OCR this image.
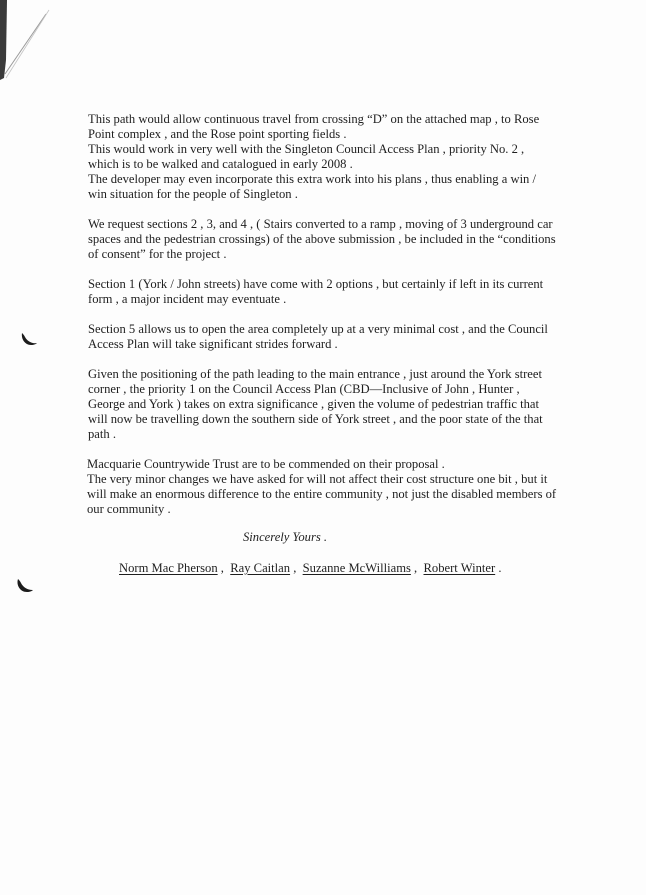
This path would allow continuous travel from crossing “D” on the attached map , to Rose
Point complex , and the Rose point sporting fields .
This would work in very well with the Singleton Council Access Plan , priority No. 2 ,
which is to be walked and catalogued in early 2008 .
The developer may even incorporate this extra work into his plans , thus enabling a win /
win situation for the people of Singleton .
We request sections 2 , 3, and 4 , ( Stairs converted to a ramp , moving of 3 underground car
spaces and the pedestrian crossings) of the above submission , be included in the “conditions
of consent” for the project .
Section 1 (York / John streets) have come with 2 options , but certainly if left in its current
form , a major incident may eventuate .
Section 5 allows us to open the area completely up at a very minimal cost , and the Council
Access Plan will take significant strides forward .
Given the positioning of the path leading to the main entrance , just around the York street
corner , the priority 1 on the Council Access Plan (CBD—Inclusive of John , Hunter ,
George and York ) takes on extra significance , given the volume of pedestrian traffic that
will now be travelling down the southern side of York street , and the poor state of the that
path .
Macquarie Countrywide Trust are to be commended on their proposal .
The very minor changes we have asked for will not affect their cost structure one bit , but it
will make an enormous difference to the entire community , not just the disabled members of
our community .
Sincerely Yours .
Norm Mac Pherson ,  Ray Caitlan ,  Suzanne McWilliams ,  Robert Winter .
